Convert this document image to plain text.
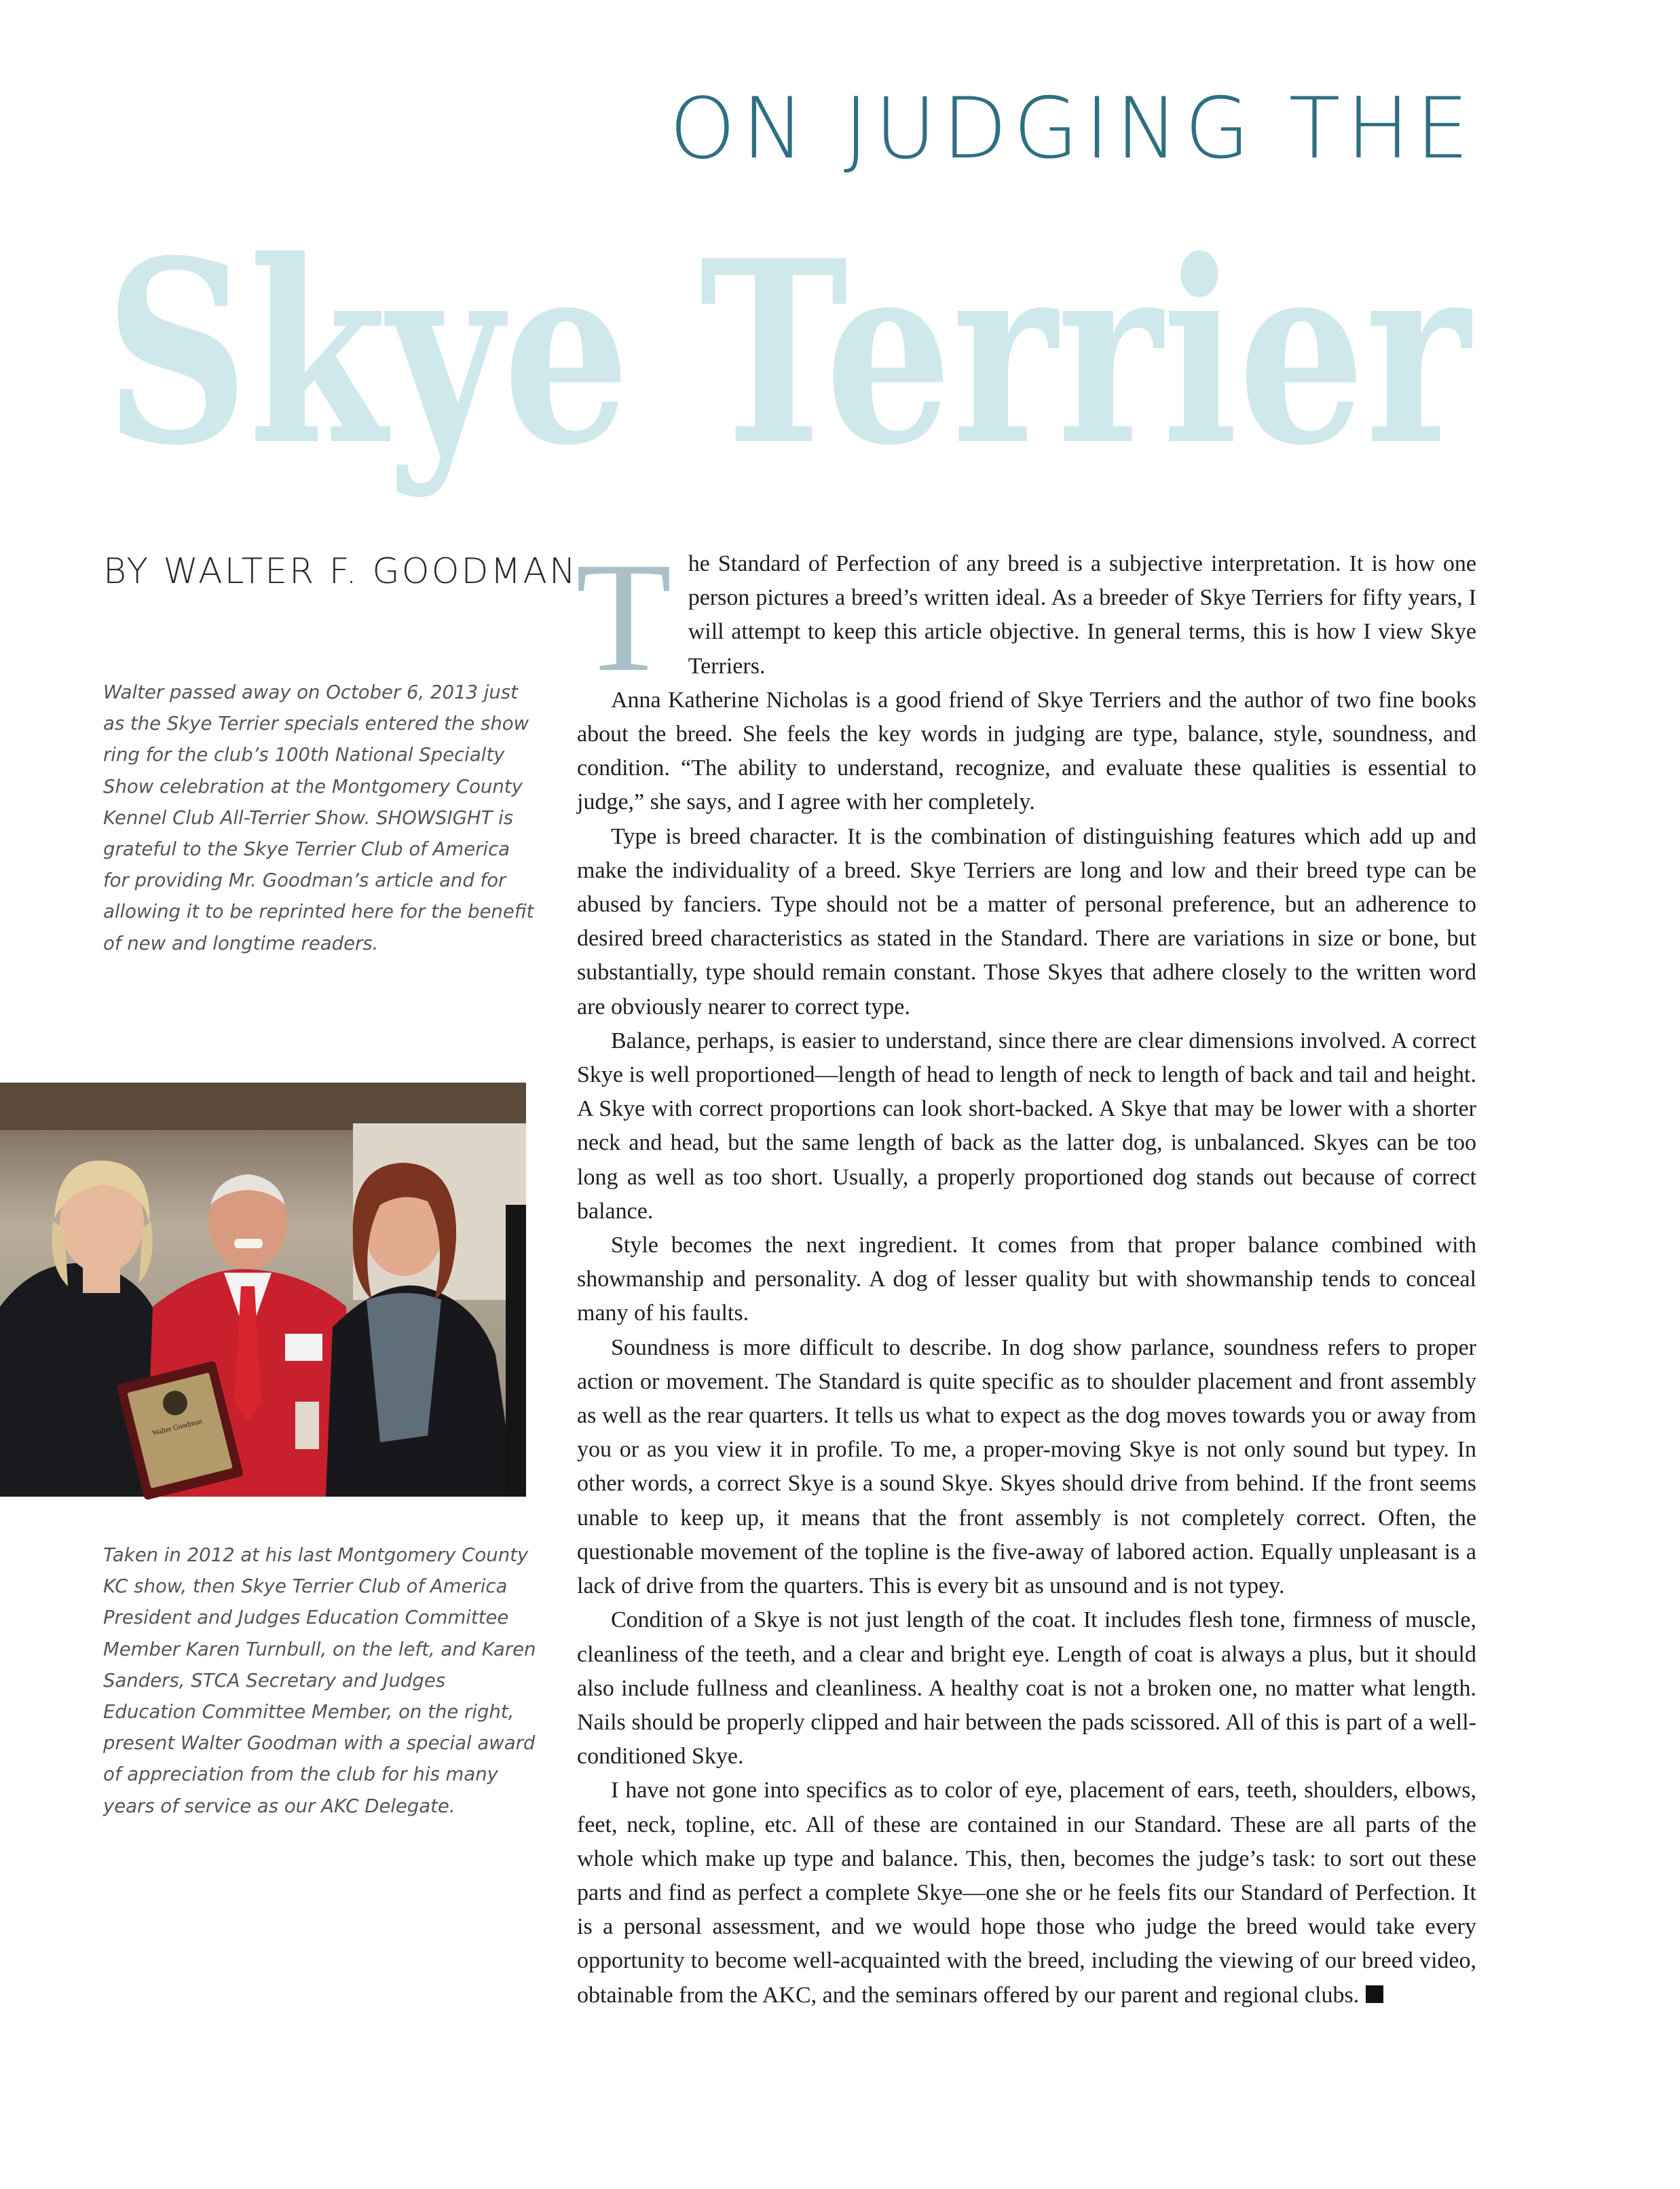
ON JUDGING THE
Skye Terrier
BY WALTER F. GOODMAN
Walter passed away on October 6, 2013 just as the Skye Terrier specials entered the show ring for the club’s 100th National Specialty Show celebration at the Montgomery County Kennel Club All-Terrier Show. SHOWSIGHT is grateful to the Skye Terrier Club of America for providing Mr. Goodman’s article and for allowing it to be reprinted here for the benefit of new and longtime readers.
Walter Goodman
Taken in 2012 at his last Montgomery County KC show, then Skye Terrier Club of America President and Judges Education Committee Member Karen Turnbull, on the left, and Karen Sanders, STCA Secretary and Judges Education Committee Member, on the right, present Walter Goodman with a special award of appreciation from the club for his many years of service as our AKC Delegate.

The Standard of Perfection of any breed is a subjective interpretation. It is how one person pictures a breed’s written ideal. As a breeder of Skye Terriers for fifty years, I will attempt to keep this article objective. In general terms, this is how I view Skye Terriers.

Anna Katherine Nicholas is a good friend of Skye Terriers and the author of two fine books about the breed. She feels the key words in judging are type, balance, style, soundness, and condition. “The ability to understand, recognize, and evaluate these qualities is essential to judge,” she says, and I agree with her completely.

Type is breed character. It is the combination of distinguishing features which add up and make the individuality of a breed. Skye Terriers are long and low and their breed type can be abused by fanciers. Type should not be a matter of personal preference, but an adherence to desired breed characteristics as stated in the Standard. There are variations in size or bone, but substantially, type should remain constant. Those Skyes that adhere closely to the written word are obviously nearer to correct type.

Balance, perhaps, is easier to understand, since there are clear dimensions involved. A correct Skye is well proportioned—length of head to length of neck to length of back and tail and height. A Skye with correct proportions can look short-backed. A Skye that may be lower with a shorter neck and head, but the same length of back as the latter dog, is unbalanced. Skyes can be too long as well as too short. Usually, a properly proportioned dog stands out because of correct balance.

Style becomes the next ingredient. It comes from that proper balance combined with showmanship and personality. A dog of lesser quality but with showmanship tends to conceal many of his faults.

Soundness is more difficult to describe. In dog show parlance, soundness refers to proper action or movement. The Standard is quite specific as to shoulder placement and front assembly as well as the rear quarters. It tells us what to expect as the dog moves towards you or away from you or as you view it in profile. To me, a proper-moving Skye is not only sound but typey. In other words, a correct Skye is a sound Skye. Skyes should drive from behind. If the front seems unable to keep up, it means that the front assembly is not completely correct. Often, the questionable movement of the topline is the five-away of labored action. Equally unpleasant is a lack of drive from the quarters. This is every bit as unsound and is not typey.

Condition of a Skye is not just length of the coat. It includes flesh tone, firmness of muscle, cleanliness of the teeth, and a clear and bright eye. Length of coat is always a plus, but it should also include fullness and cleanliness. A healthy coat is not a broken one, no matter what length. Nails should be properly clipped and hair between the pads scissored. All of this is part of a well-conditioned Skye.

I have not gone into specifics as to color of eye, placement of ears, teeth, shoulders, elbows, feet, neck, topline, etc. All of these are contained in our Standard. These are all parts of the whole which make up type and balance. This, then, becomes the judge’s task: to sort out these parts and find as perfect a complete Skye—one she or he feels fits our Standard of Perfection. It is a personal assessment, and we would hope those who judge the breed would take every opportunity to become well-acquainted with the breed, including the viewing of our breed video, obtainable from the AKC, and the seminars offered by our parent and regional clubs.
